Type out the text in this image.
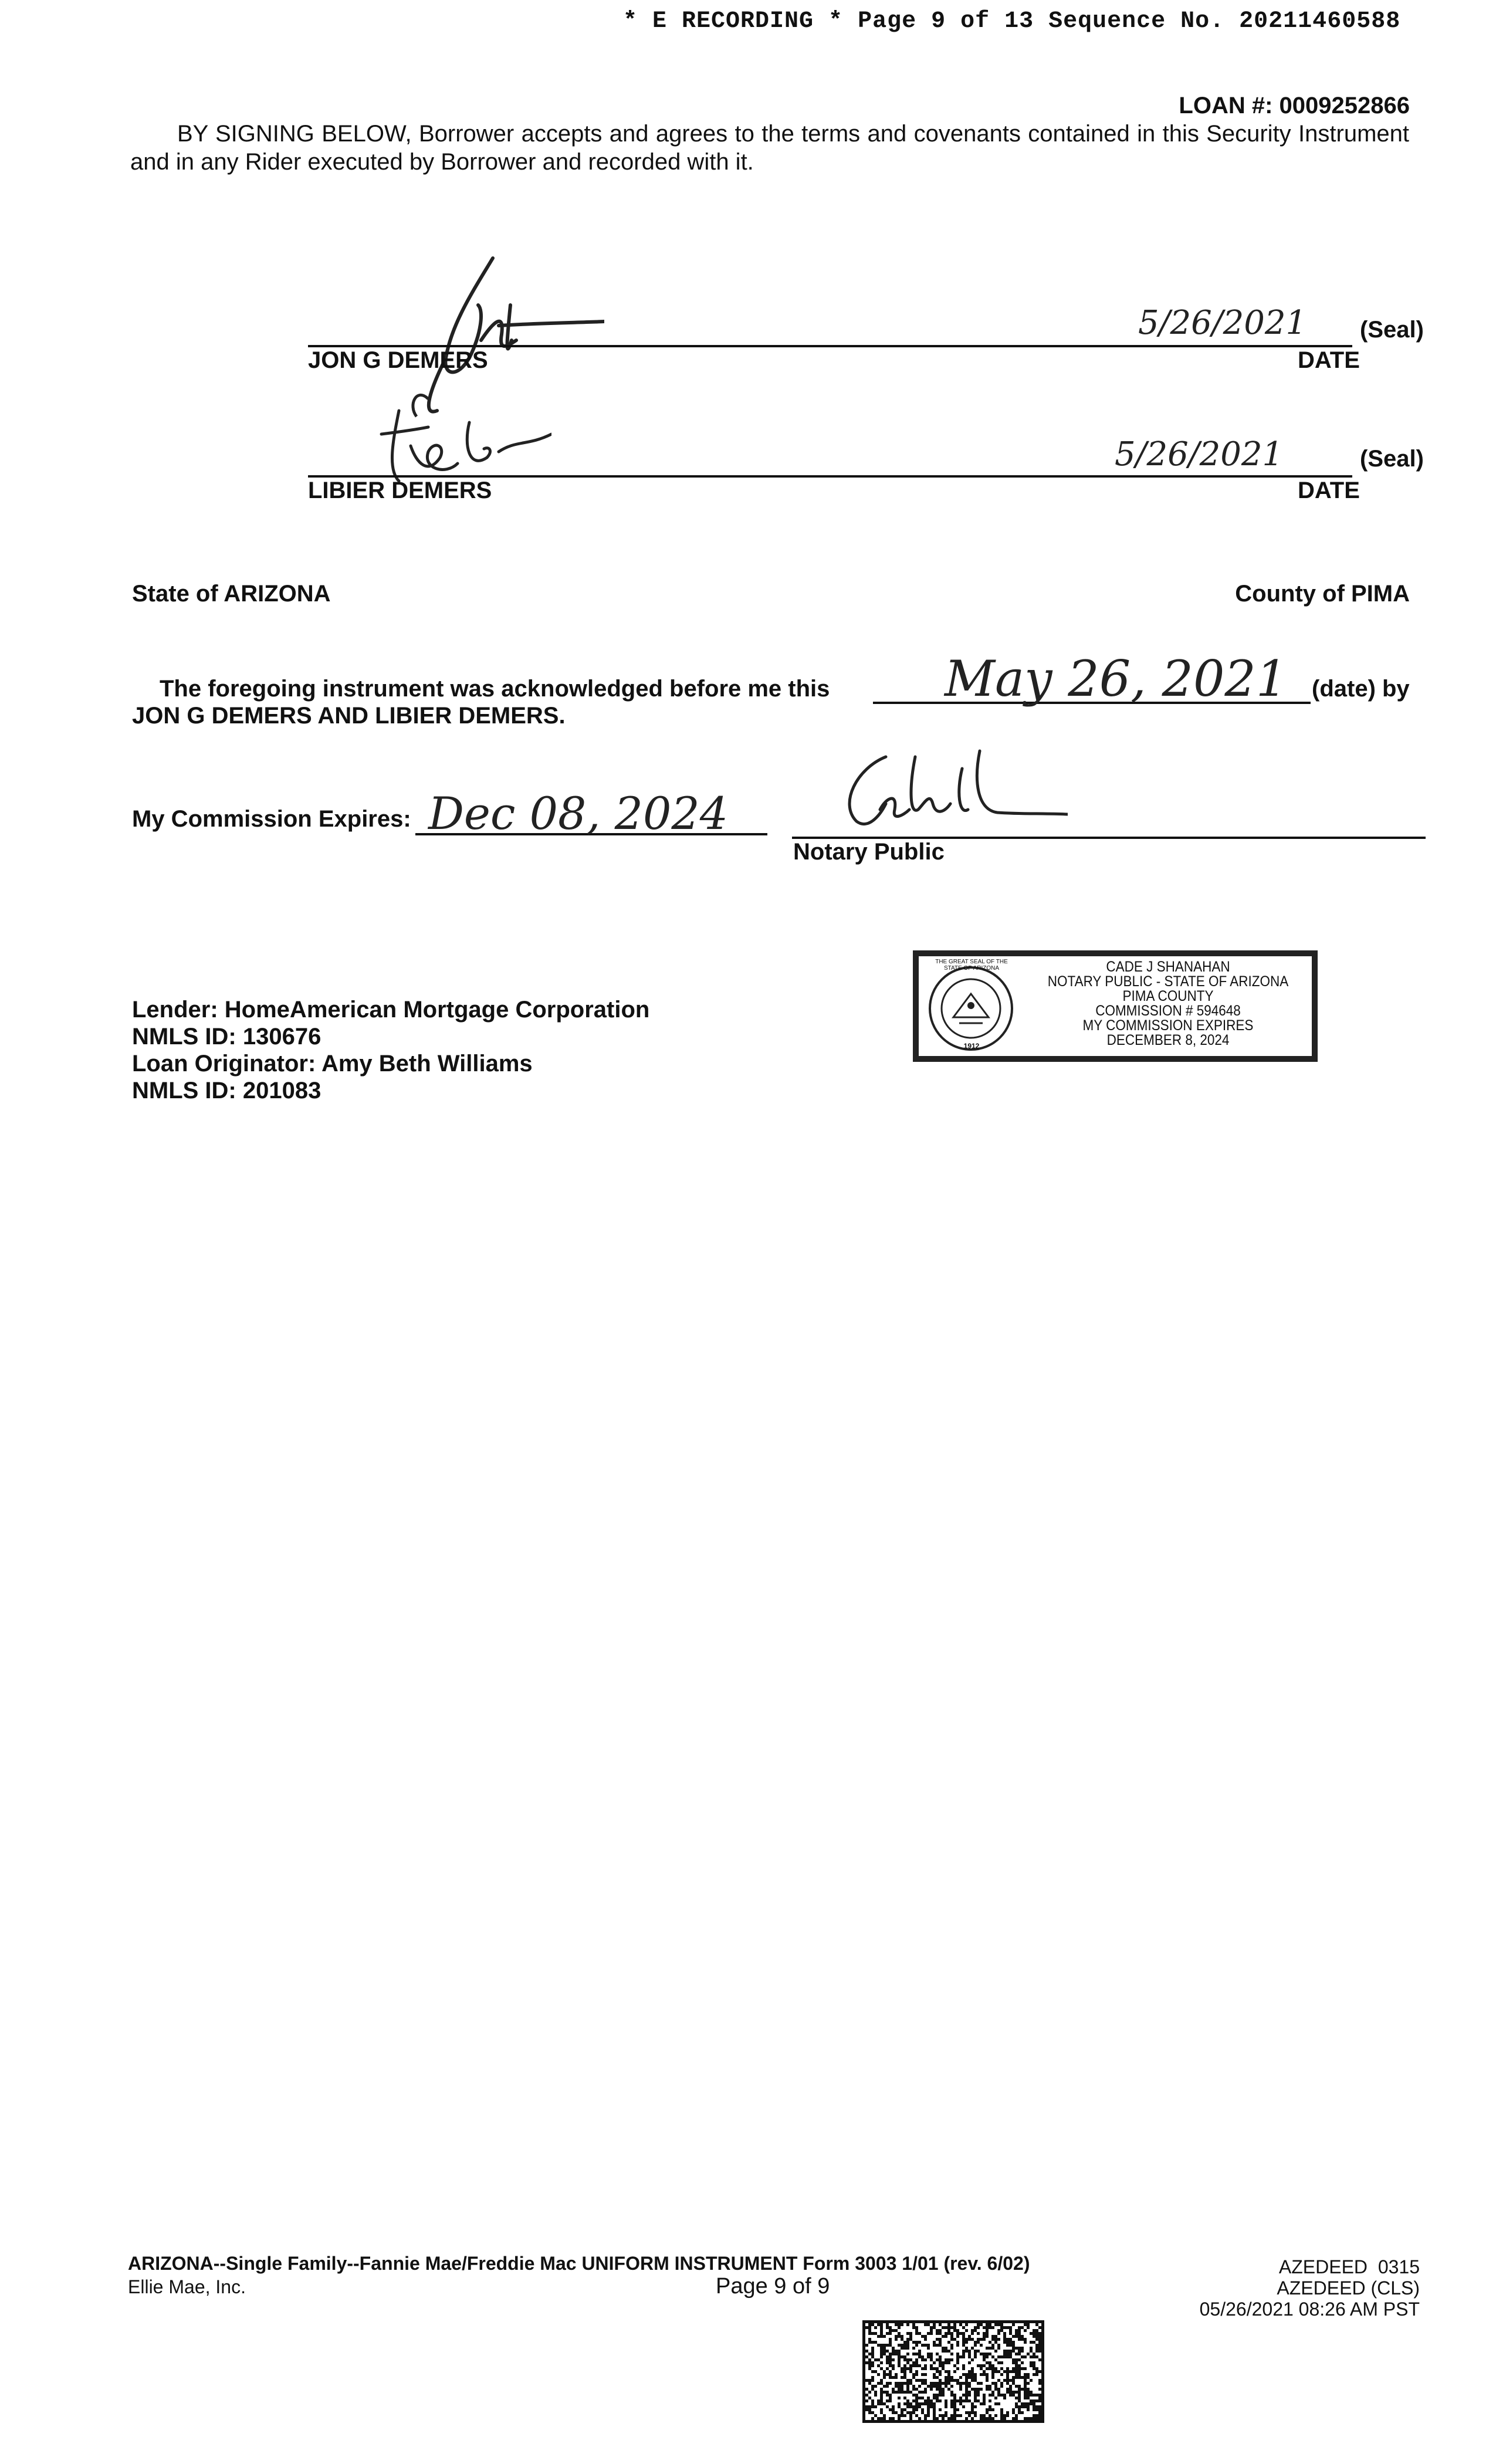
* E RECORDING * Page 9 of 13 Sequence No. 20211460588
LOAN #: 0009252866
BY SIGNING BELOW, Borrower accepts and agrees to the terms and covenants contained in this Security Instrument and in any Rider executed by Borrower and recorded with it.
5/26/2021 (Seal)
JON G DEMERS	DATE
5/26/2021	(Seal)
LIBIER DEMERS	DATE
State of ARIZONA	County of PIMA
The foregoing instrument was acknowledged before me this May 26, 2021 (date) by
JON G DEMERS AND LIBIER DEMERS.
My Commission Expires: Dec 08, 2024
Notary Public
THE GREAT SEAL OF THE STATE OF ARIZONA
1912
CADE J SHANAHAN
NOTARY PUBLIC - STATE OF ARIZONA
PIMA COUNTY
COMMISSION # 594648
MY COMMISSION EXPIRES
DECEMBER 8, 2024
Lender: HomeAmerican Mortgage Corporation
NMLS ID: 130676
Loan Originator: Amy Beth Williams
NMLS ID: 201083
ARIZONA--Single Family--Fannie Mae/Freddie Mac UNIFORM INSTRUMENT Form 3003 1/01 (rev. 6/02)
Ellie Mae, Inc.	Page 9 of 9
AZEDEED  0315
AZEDEED (CLS)
05/26/2021 08:26 AM PST
